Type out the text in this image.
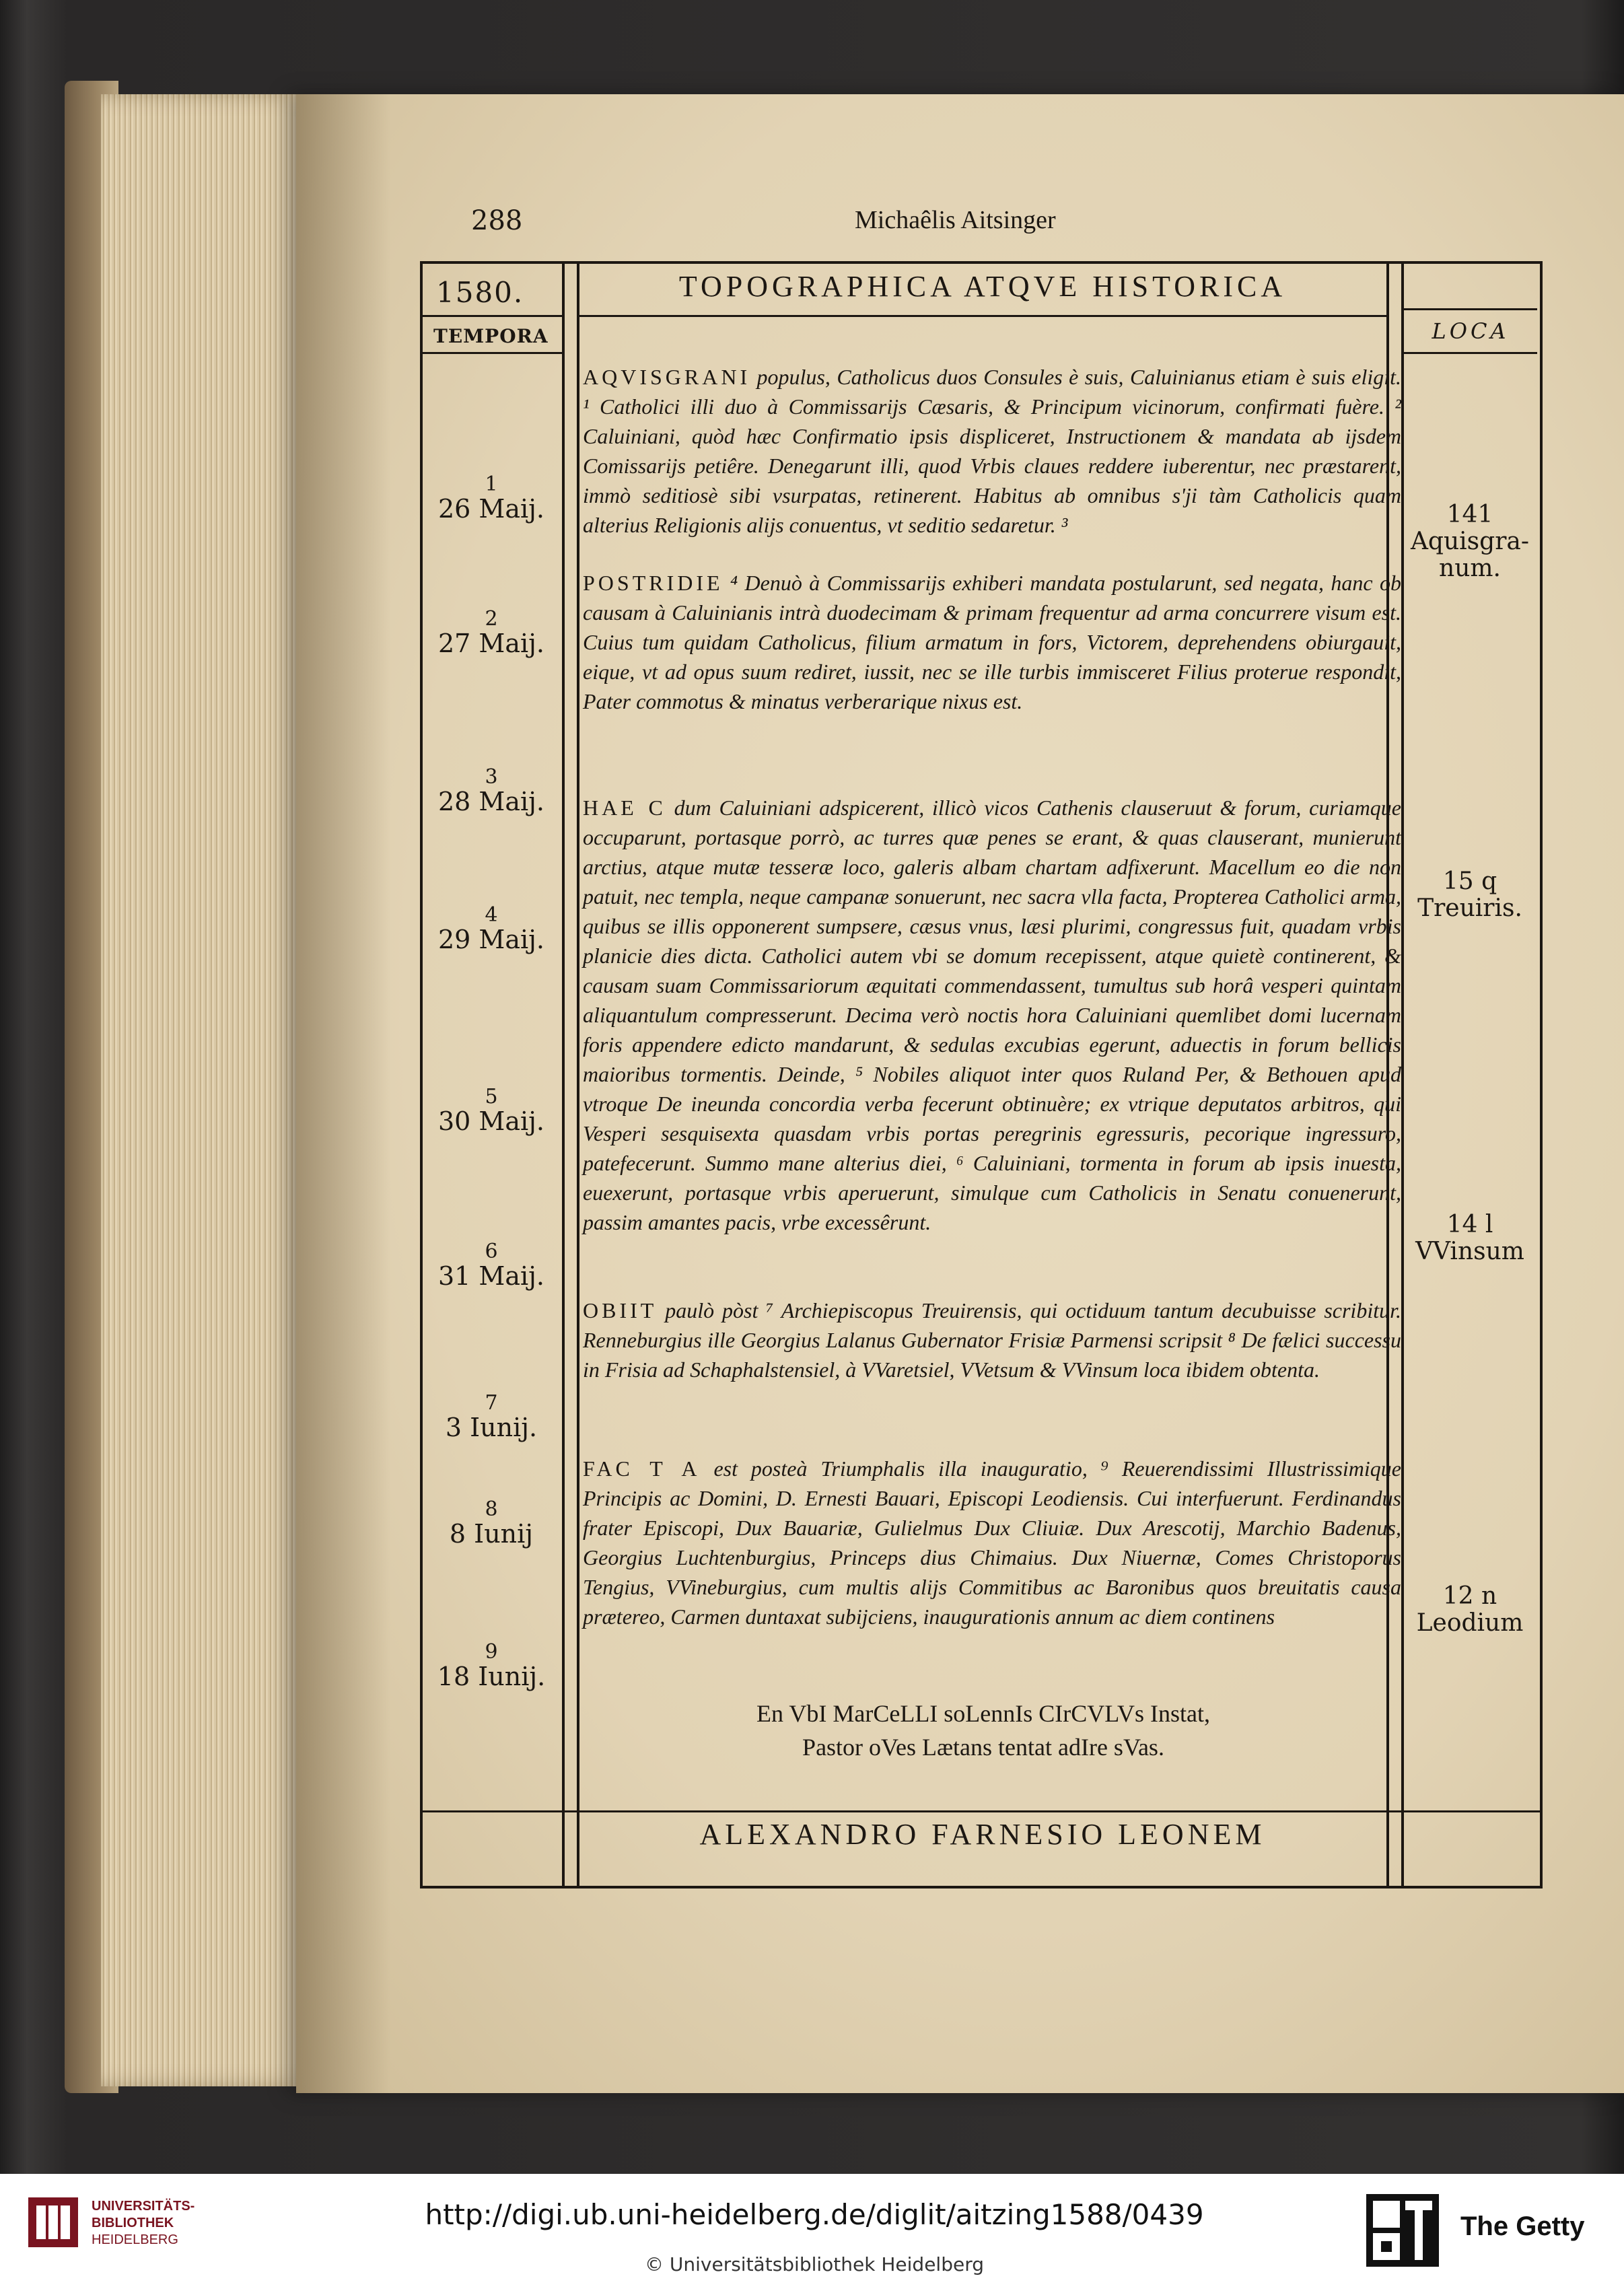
288	Michaêlis Aitsinger
1580.
TEMPORA
TOPOGRAPHICA ATQVE HISTORICA
LOCA
1
26 Maij.
2
27 Maij.
3
28 Maij.
4
29 Maij.
5
30 Maij.
6
31 Maij.
7
3 Iunij.
8
8 Iunij
9
18 Iunij.
141
Aquisgra-
num.
15 q
Treuiris.
14 l
VVinsum
12 n
Leodium
AQVISGRANI populus, Catholicus duos Consules è suis, Caluinianus etiam è suis eligit. ¹ Catholici illi duo à Commissarijs Cæsaris, & Principum vicinorum, confirmati fuère. ² Caluiniani, quòd hæc Confirmatio ipsis displiceret, Instructionem & mandata ab ijsdem Comissarijs petiêre. Denegarunt illi, quod Vrbis claues reddere iuberentur, nec præstarent, immò seditiosè sibi vsurpatas, retinerent. Habitus ab omnibus s'ji tàm Catholicis quam alterius Religionis alijs conuentus, vt seditio sedaretur. ³
POSTRIDIE ⁴ Denuò à Commissarijs exhiberi mandata postularunt, sed negata, hanc ob causam à Caluinianis intrà duodecimam & primam frequentur ad arma concurrere visum est. Cuius tum quidam Catholicus, filium armatum in fors, Victorem, deprehendens obiurgauit, eique, vt ad opus suum rediret, iussit, nec se ille turbis immisceret Filius proterue respondit, Pater commotus & minatus verberarique nixus est.
HAE C dum Caluiniani adspicerent, illicò vicos Cathenis clauseruut & forum, curiamque occuparunt, portasque porrò, ac turres quæ penes se erant, & quas clauserant, munierunt arctius, atque mutæ tesseræ loco, galeris albam chartam adfixerunt. Macellum eo die non patuit, nec templa, neque campanæ sonuerunt, nec sacra vlla facta, Propterea Catholici arma, quibus se illis opponerent sumpsere, cæsus vnus, læsi plurimi, congressus fuit, quadam vrbis planicie dies dicta. Catholici autem vbi se domum recepissent, atque quietè continerent, & causam suam Commissariorum æquitati commendassent, tumultus sub horâ vesperi quintam aliquantulum compresserunt. Decima verò noctis hora Caluiniani quemlibet domi lucernam foris appendere edicto mandarunt, & sedulas excubias egerunt, aduectis in forum bellicis maioribus tormentis. Deinde, ⁵ Nobiles aliquot inter quos Ruland Per, & Bethouen apud vtroque De ineunda concordia verba fecerunt obtinuère; ex vtrique deputatos arbitros, qui Vesperi sesquisexta quasdam vrbis portas peregrinis egressuris, pecorique ingressuro, patefecerunt. Summo mane alterius diei, ⁶ Caluiniani, tormenta in forum ab ipsis inuesta, euexerunt, portasque vrbis aperuerunt, simulque cum Catholicis in Senatu conuenerunt, passim amantes pacis, vrbe excessêrunt.
OBIIT paulò pòst ⁷ Archiepiscopus Treuirensis, qui octiduum tantum decubuisse scribitur. Renneburgius ille Georgius Lalanus Gubernator Frisiæ Parmensi scripsit ⁸ De fælici successu in Frisia ad Schaphalstensiel, à VVaretsiel, VVetsum & VVinsum loca ibidem obtenta.
FAC T A est posteà Triumphalis illa inauguratio, ⁹ Reuerendissimi Illustrissimique Principis ac Domini, D. Ernesti Bauari, Episcopi Leodiensis. Cui interfuerunt. Ferdinandus frater Episcopi, Dux Bauariæ, Gulielmus Dux Cliuiæ. Dux Arescotij, Marchio Badenus, Georgius Luchtenburgius, Princeps dius Chimaius. Dux Niuernæ, Comes Christoporus Tengius, VVineburgius, cum multis alijs Commitibus ac Baronibus quos breuitatis causa prætereo, Carmen duntaxat subijciens, inaugurationis annum ac diem continens
En VbI MarCeLLI soLennIs CIrCVLVs Instat,
Pastor oVes Lætans tentat adIre sVas.
ALEXANDRO FARNESIO LEONEM
UNIVERSITÄTS-
BIBLIOTHEK
HEIDELBERG
http://digi.ub.uni-heidelberg.de/diglit/aitzing1588/0439
© Universitätsbibliothek Heidelberg
The Getty
